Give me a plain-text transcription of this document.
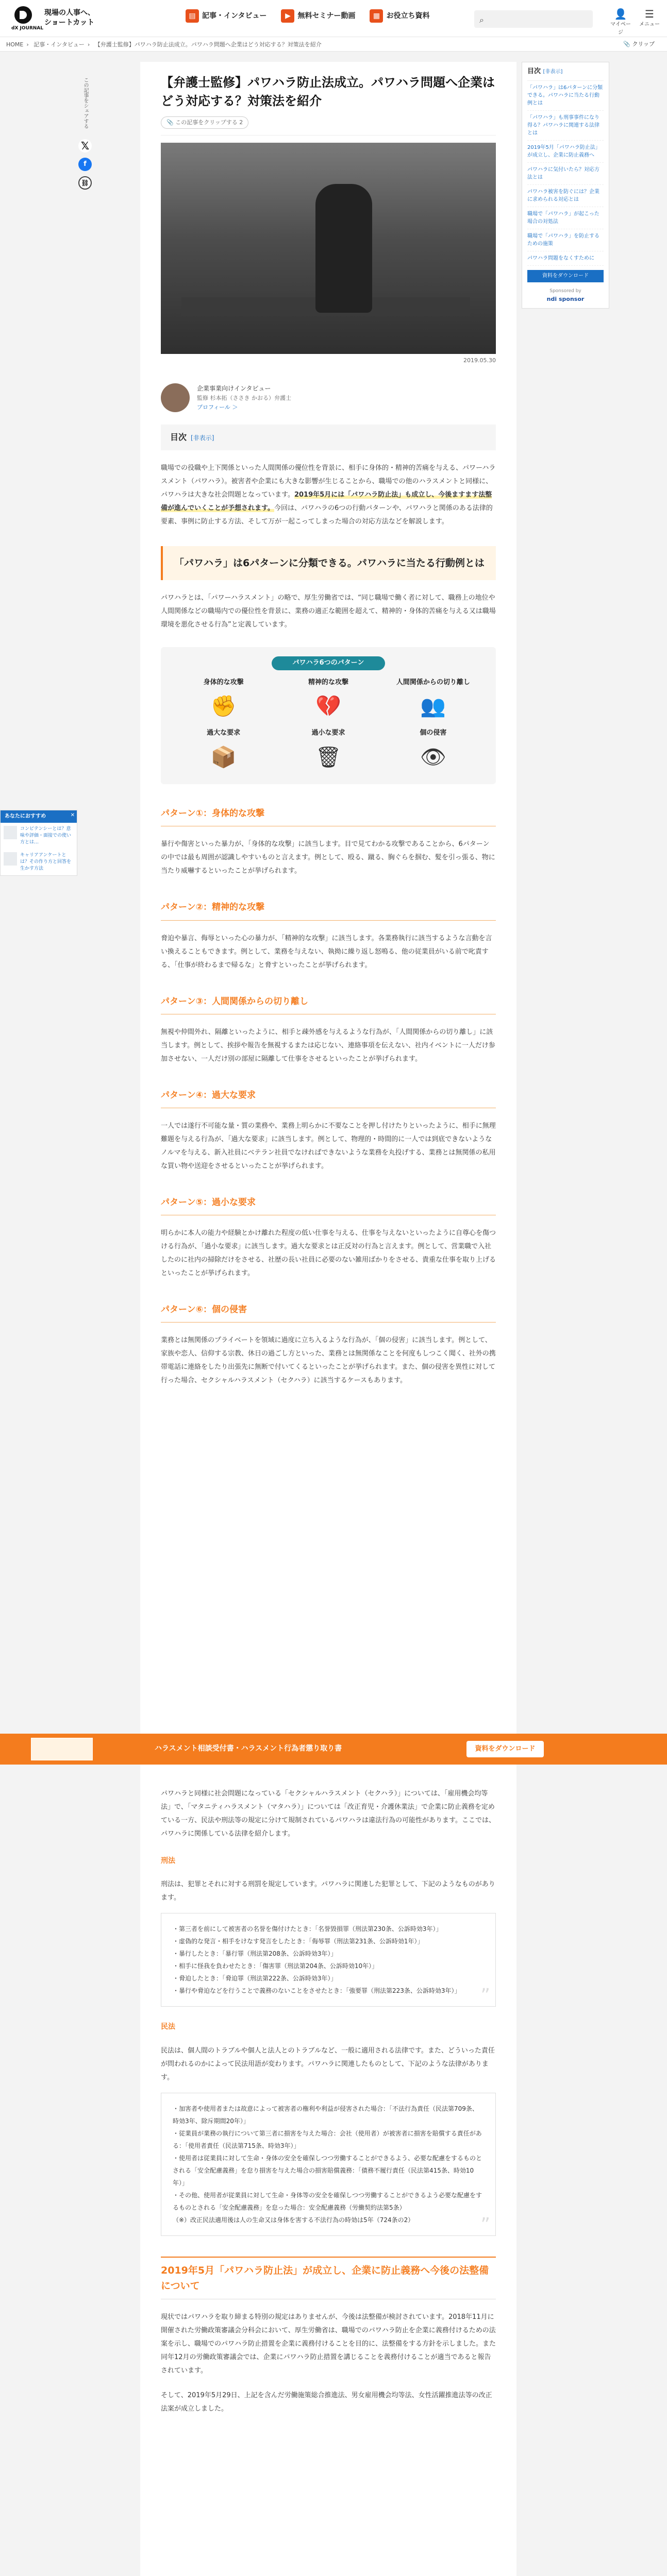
dX JOURNAL
現場の人事へ、
ショートカット
▤ 記事・インタビュー	▶ 無料セミナー動画	▦ お役立ち資料	⌕	👤
マイページ
☰
メニュー
HOME › 記事・インタビュー › 【弁護士監修】パワハラ防止法成立。パワハラ問題へ企業はどう対応する？対策法を紹介	📎 クリップ
この記事をシェアする
𝕏
f
⛓
【弁護士監修】パワハラ防止法成立。パワハラ問題へ企業はどう対応する？対策法を紹介
📎 この記事をクリップする 2
2019.05.30
企業事業向けインタビュー
監修 杉本拓（ささき かおる）弁護士
プロフィール ＞
目次 [非表示]

職場での役職や上下関係といった人間関係の優位性を背景に、相手に身体的・精神的苦痛を与える、パワーハラスメント（パワハラ）。被害者や企業にも大きな影響が生じることから、職場での他のハラスメントと同様に、パワハラは大きな社会問題となっています。2019年5月には「パワハラ防止法」も成立し、今後ますます法整備が進んでいくことが予想されます。今回は、パワハラの6つの行動パターンや、パワハラと関係のある法律的要素、事例に防止する方法、そして万が一起こってしまった場合の対応方法などを解説します。

「パワハラ」は6パターンに分類できる。パワハラに当たる行動例とは

パワハラとは、「パワーハラスメント」の略で、厚生労働省では、“同じ職場で働く者に対して、職務上の地位や人間関係などの職場内での優位性を背景に、業務の適正な範囲を超えて、精神的・身体的苦痛を与える又は職場環境を悪化させる行為”と定義しています。

パワハラ6つのパターン
身体的な攻撃
✊
精神的な攻撃
💔
人間関係からの切り離し
👥
過大な要求
📦
過小な要求
🗑
個の侵害
👁
パターン①：身体的な攻撃

暴行や傷害といった暴力が、「身体的な攻撃」に該当します。目で見てわかる攻撃であることから、6パターンの中では最も周囲が認識しやすいものと言えます。例として、殴る、蹴る、胸ぐらを掴む、髪を引っ張る、物に当たり威嚇するといったことが挙げられます。

パターン②：精神的な攻撃

脅迫や暴言、侮辱といった心の暴力が、「精神的な攻撃」に該当します。各業務執行に該当するような言動を言い換えることもできます。例として、業務を与えない、執拗に繰り返し怒鳴る、他の従業員がいる前で叱責する、「仕事が終わるまで帰るな」と脅すといったことが挙げられます。

パターン③：人間関係からの切り離し

無視や仲間外れ、隔離といったように、相手と疎外感を与えるような行為が、「人間関係からの切り離し」に該当します。例として、挨拶や報告を無視するまたは応じない、連絡事項を伝えない、社内イベントに一人だけ参加させない、一人だけ別の部屋に隔離して仕事をさせるといったことが挙げられます。

パターン④：過大な要求

一人では遂行不可能な量・質の業務や、業務上明らかに不要なことを押し付けたりといったように、相手に無理難題を与える行為が、「過大な要求」に該当します。例として、物理的・時間的に一人では到底できないようなノルマを与える、新入社員にベテラン社員でなければできないような業務を丸投げする、業務とは無関係の私用な買い物や送迎をさせるといったことが挙げられます。

パターン⑤：過小な要求

明らかに本人の能力や経験とかけ離れた程度の低い仕事を与える、仕事を与えないといったように自尊心を傷つける行為が、「過小な要求」に該当します。過大な要求とは正反対の行為と言えます。例として、営業職で入社したのに社内の掃除だけをさせる、社歴の長い社員に必要のない雑用ばかりをさせる、貴重な仕事を取り上げるといったことが挙げられます。

パターン⑥：個の侵害

業務とは無関係のプライベートを領域に過度に立ち入るような行為が、「個の侵害」に該当します。例として、家族や恋人、信仰する宗教、休日の過ごし方といった、業務とは無関係なことを何度もしつこく聞く、社外の携帯電話に連絡をしたり出張先に無断で付いてくるといったことが挙げられます。また、個の侵害を異性に対して行った場合、セクシャルハラスメント（セクハラ）に該当するケースもあります。

ハラスメント相談受付書・ハラスメント行為者懲り取り書	資料をダウンロード

パワハラと同様に社会問題になっている「セクシャルハラスメント（セクハラ）」については、「雇用機会均等法」で、「マタニティハラスメント（マタハラ）」については「改正育児・介護休業法」で企業に防止義務を定めている一方、民法や刑法等の規定に分けて規制されているパワハラは違法行為の可能性があります。ここでは、パワハラに関係している法律を紹介します。

刑法

刑法は、犯罪とそれに対する刑罰を規定しています。パワハラに関連した犯罪として、下記のようなものがあります。

・第三者を前にして被害者の名誉を傷付けたとき：「名誉毀損罪（刑法第230条、公訴時効3年）」
・虚偽的な発言・相手をけなす発言をしたとき：「侮辱罪（刑法第231条、公訴時効1年）」
・暴行したとき：「暴行罪（刑法第208条、公訴時効3年）」
・相手に怪我を負わせたとき：「傷害罪（刑法第204条、公訴時効10年）」
・脅迫したとき：「脅迫罪（刑法第222条、公訴時効3年）」
・暴行や脅迫などを行うことで義務のないことをさせたとき：「強要罪（刑法第223条、公訴時効3年）」	”
民法

民法は、個人間のトラブルや個人と法人とのトラブルなど、一般に適用される法律です。また、どういった責任が問われるのかによって民法用語が変わります。パワハラに関連したものとして、下記のような法律があります。

・加害者や使用者または故意によって被害者の権利や利益が侵害された場合：「不法行為責任（民法第709条、時効3年、除斥期間20年）」
・従業員が業務の執行について第三者に損害を与えた場合：会社（使用者）が被害者に損害を賠償する責任がある：「使用者責任（民法第715条、時効3年）」
・使用者は従業員に対して生命・身体の安全を確保しつつ労働することができるよう、必要な配慮をするものとされる「安全配慮義務」を怠り損害を与えた場合の損害賠償義務：「債務不履行責任（民法第415条、時効10年）」
・その他、使用者が従業員に対して生命・身体等の安全を確保しつつ労働することができるよう必要な配慮をするものとされる「安全配慮義務」を怠った場合：安全配慮義務（労働契約法第5条）
（※）改正民法適用後は人の生命又は身体を害する不法行為の時効は5年（724条の2）	”
2019年5月「パワハラ防止法」が成立し、企業に防止義務へ今後の法整備について

現状ではパワハラを取り締まる特別の規定はありませんが、今後は法整備が検討されています。2018年11月に開催された労働政策審議会分科会において、厚生労働省は、職場でのパワハラ防止を企業に義務付けるための法案を示し、職場でのパワハラ防止措置を企業に義務付けることを目的に、法整備をする方針を示しました。また同年12月の労働政策審議会では、企業にパワハラ防止措置を講じることを義務付けることが適当であると報告されています。

そして、2019年5月29日、上記を含んだ労働施策総合推進法、男女雇用機会均等法、女性活躍推進法等の改正法案が成立しました。

目次 [非表示]
「パワハラ」は6パターンに分類できる。パワハラに当たる行動例とは
「パワハラ」も刑事事件になり得る？パワハラに関連する法律とは
2019年5月「パワハラ防止法」が成立し、企業に防止義務へ
パワハラに気付いたら？対応方法とは
パワハラ被害を防ぐには？企業に求められる対応とは
職場で「パワハラ」が起こった場合の対処法
職場で「パワハラ」を防止するための施策
パワハラ問題をなくすために
資料をダウンロード
Sponsored by
ndi sponsor
あなたにおすすめ	✕
コンピテンシーとは？意味や評価・面接での使い方とは…
キャリアアンケートとは？その作り方と回答を生かす方法
